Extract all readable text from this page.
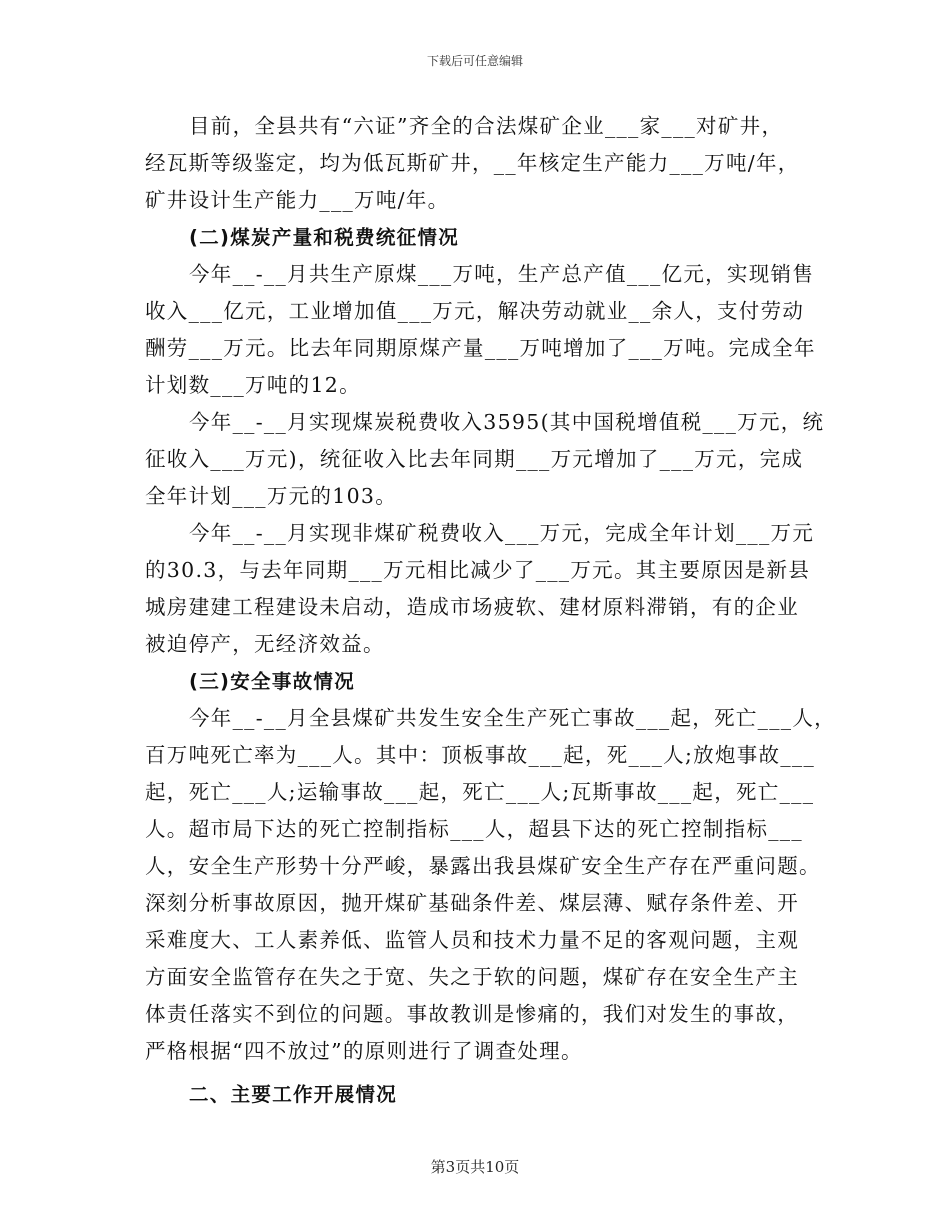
下载后可任意编辑
目前，全县共有“六证”齐全的合法煤矿企业___家___对矿井，
经瓦斯等级鉴定，均为低瓦斯矿井，__年核定生产能力___万吨/年，
矿井设计生产能力___万吨/年。
(二)煤炭产量和税费统征情况
今年__-__月共生产原煤___万吨，生产总产值___亿元，实现销售
收入___亿元，工业增加值___万元，解决劳动就业__余人，支付劳动
酬劳___万元。比去年同期原煤产量___万吨增加了___万吨。完成全年
计划数___万吨的12。
今年__-__月实现煤炭税费收入3595(其中国税增值税___万元，统
征收入___万元)，统征收入比去年同期___万元增加了___万元，完成
全年计划___万元的103。
今年__-__月实现非煤矿税费收入___万元，完成全年计划___万元
的30.3，与去年同期___万元相比减少了___万元。其主要原因是新县
城房建建工程建设未启动，造成市场疲软、建材原料滞销，有的企业
被迫停产，无经济效益。
(三)安全事故情况
今年__-__月全县煤矿共发生安全生产死亡事故___起，死亡___人，
百万吨死亡率为___人。其中：顶板事故___起，死___人;放炮事故___
起，死亡___人;运输事故___起，死亡___人;瓦斯事故___起，死亡___
人。超市局下达的死亡控制指标___人，超县下达的死亡控制指标___
人，安全生产形势十分严峻，暴露出我县煤矿安全生产存在严重问题。
深刻分析事故原因，抛开煤矿基础条件差、煤层薄、赋存条件差、开
采难度大、工人素养低、监管人员和技术力量不足的客观问题，主观
方面安全监管存在失之于宽、失之于软的问题，煤矿存在安全生产主
体责任落实不到位的问题。事故教训是惨痛的，我们对发生的事故，
严格根据“四不放过”的原则进行了调查处理。
二、主要工作开展情况
第3页共10页
